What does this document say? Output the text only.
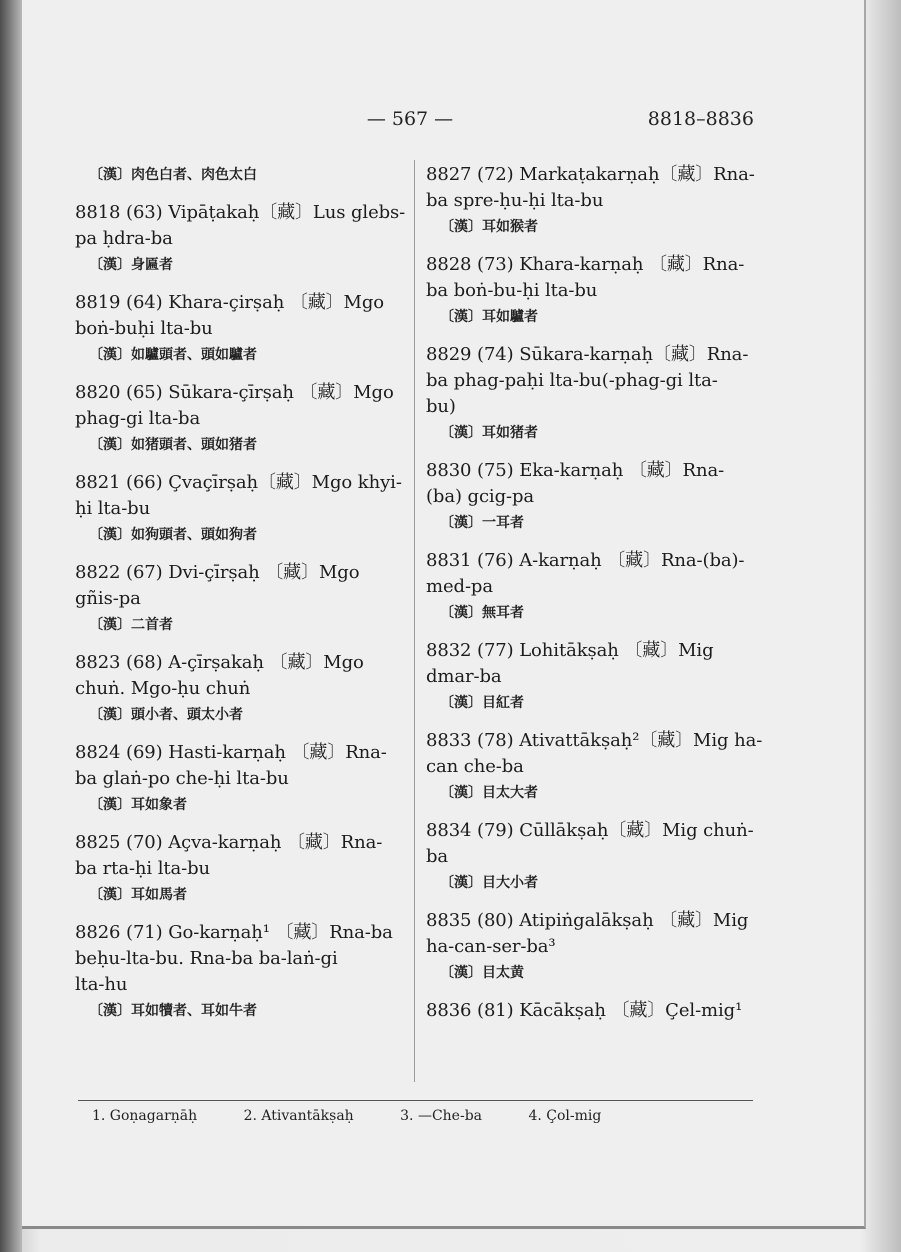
— 567 —	8818–8836
〔漢〕肉色白者、肉色太白
8818 (63) Vipāṭakaḥ〔藏〕Lus glebs-
pa ḥdra-ba
〔漢〕身匾者
8819 (64) Khara-çirṣaḥ 〔藏〕Mgo
boṅ-buḥi lta-bu
〔漢〕如驢頭者、頭如驢者
8820 (65) Sūkara-çīrṣaḥ 〔藏〕Mgo
phag-gi lta-ba
〔漢〕如猪頭者、頭如猪者
8821 (66) Çvaçīrṣaḥ〔藏〕Mgo khyi-
ḥi lta-bu
〔漢〕如狗頭者、頭如狗者
8822 (67) Dvi-çīrṣaḥ 〔藏〕Mgo
gñis-pa
〔漢〕二首者
8823 (68) A-çīrṣakaḥ 〔藏〕Mgo
chuṅ. Mgo-ḥu chuṅ
〔漢〕頭小者、頭太小者
8824 (69) Hasti-karṇaḥ 〔藏〕Rna-
ba glaṅ-po che-ḥi lta-bu
〔漢〕耳如象者
8825 (70) Açva-karṇaḥ 〔藏〕Rna-
ba rta-ḥi lta-bu
〔漢〕耳如馬者
8826 (71) Go-karṇaḥ¹ 〔藏〕Rna-ba
beḥu-lta-bu. Rna-ba ba-laṅ-gi
lta-hu
〔漢〕耳如犢者、耳如牛者
8827 (72) Markaṭakarṇaḥ〔藏〕Rna-
ba spre-ḥu-ḥi lta-bu
〔漢〕耳如猴者
8828 (73) Khara-karṇaḥ 〔藏〕Rna-
ba boṅ-bu-ḥi lta-bu
〔漢〕耳如驢者
8829 (74) Sūkara-karṇaḥ〔藏〕Rna-
ba phag-paḥi lta-bu(-phag-gi lta-
bu)
〔漢〕耳如猪者
8830 (75) Eka-karṇaḥ 〔藏〕Rna-
(ba) gcig-pa
〔漢〕一耳者
8831 (76) A-karṇaḥ 〔藏〕Rna-(ba)-
med-pa
〔漢〕無耳者
8832 (77) Lohitākṣaḥ 〔藏〕Mig
dmar-ba
〔漢〕目紅者
8833 (78) Ativattākṣaḥ²〔藏〕Mig ha-
can che-ba
〔漢〕目太大者
8834 (79) Cūllākṣaḥ〔藏〕Mig chuṅ-
ba
〔漢〕目大小者
8835 (80) Atipiṅgalākṣaḥ 〔藏〕Mig
ha-can-ser-ba³
〔漢〕目太黄
8836 (81) Kācākṣaḥ 〔藏〕Çel-mig¹
1. Goṇagarṇāḥ	2. Ativantākṣaḥ	3. —Che-ba	4. Çol-mig
